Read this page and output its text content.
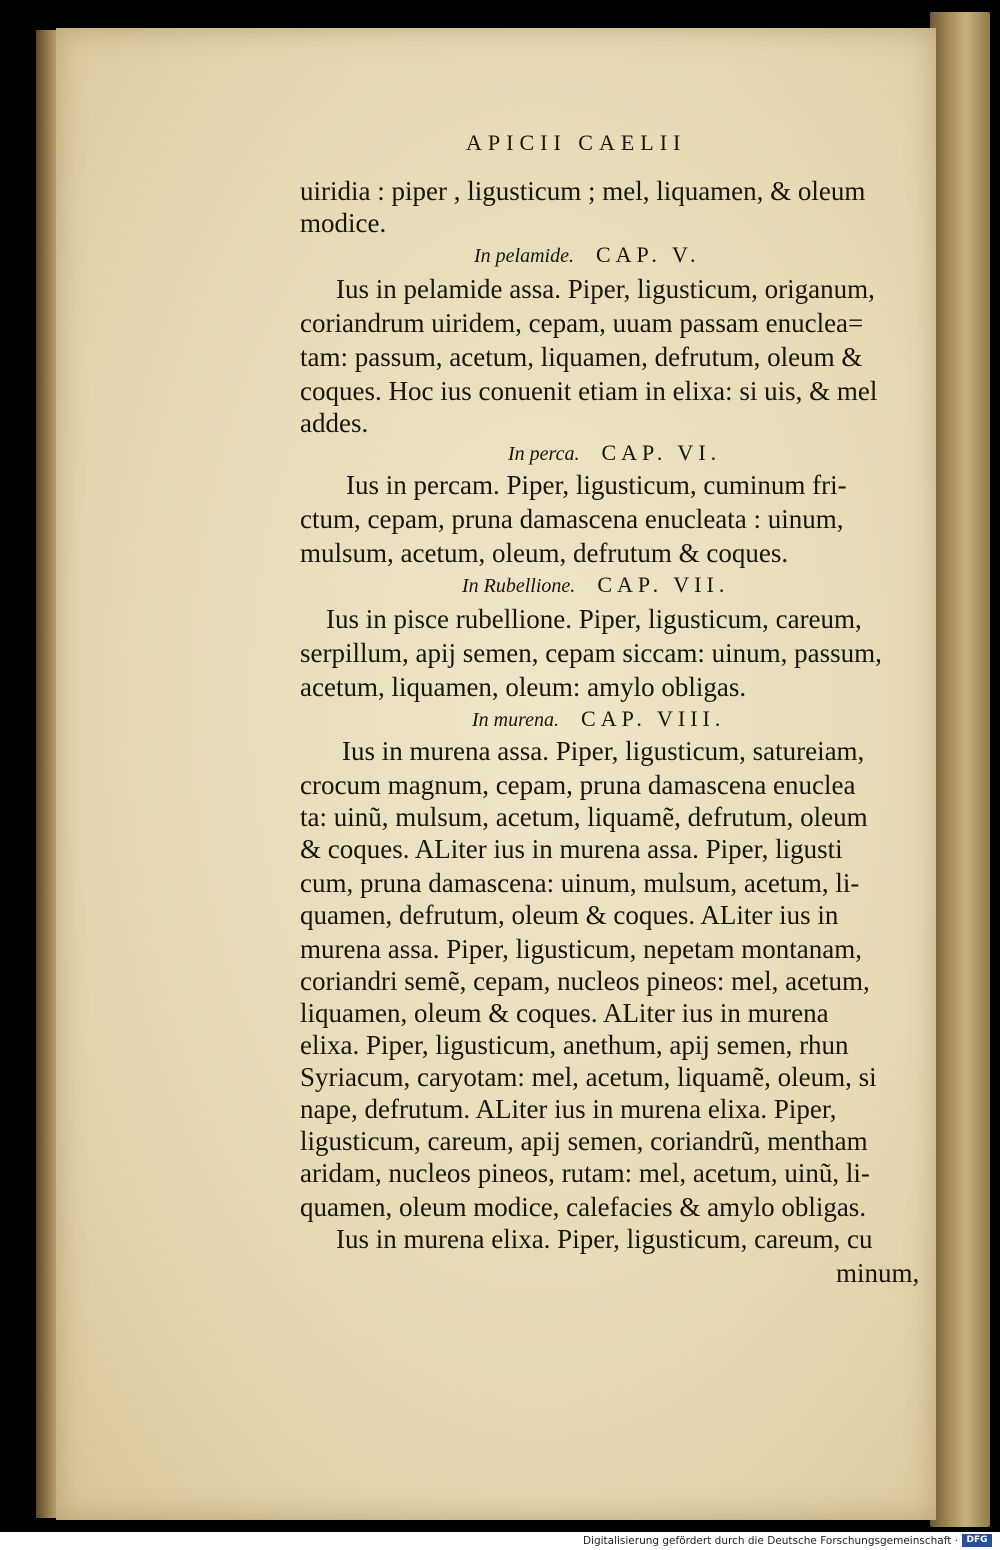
APICII CAELII
uiridia : piper , ligusticum ; mel, liquamen, & oleum
modice.
In pelamide. CAP. V.
Ius in pelamide assa. Piper, ligusticum, origanum,
coriandrum uiridem, cepam, uuam passam enuclea=
tam: passum, acetum, liquamen, defrutum, oleum &
coques. Hoc ius conuenit etiam in elixa: si uis, & mel
addes.
In perca. CAP. VI.
Ius in percam. Piper, ligusticum, cuminum fri-
ctum, cepam, pruna damascena enucleata : uinum,
mulsum, acetum, oleum, defrutum & coques.
In Rubellione. CAP. VII.
Ius in pisce rubellione. Piper, ligusticum, careum,
serpillum, apij semen, cepam siccam: uinum, passum,
acetum, liquamen, oleum: amylo obligas.
In murena. CAP. VIII.
Ius in murena assa. Piper, ligusticum, satureiam,
crocum magnum, cepam, pruna damascena enuclea
ta: uinũ, mulsum, acetum, liquamẽ, defrutum, oleum
& coques. ALiter ius in murena assa. Piper, ligusti
cum, pruna damascena: uinum, mulsum, acetum, li-
quamen, defrutum, oleum & coques. ALiter ius in
murena assa. Piper, ligusticum, nepetam montanam,
coriandri semẽ, cepam, nucleos pineos: mel, acetum,
liquamen, oleum & coques. ALiter ius in murena
elixa. Piper, ligusticum, anethum, apij semen, rhun
Syriacum, caryotam: mel, acetum, liquamẽ, oleum, si
nape, defrutum. ALiter ius in murena elixa. Piper,
ligusticum, careum, apij semen, coriandrũ, mentham
aridam, nucleos pineos, rutam: mel, acetum, uinũ, li-
quamen, oleum modice, calefacies & amylo obligas.
Ius in murena elixa. Piper, ligusticum, careum, cu
minum,
Digitalisierung gefördert durch die Deutsche Forschungsgemeinschaft · DFG
